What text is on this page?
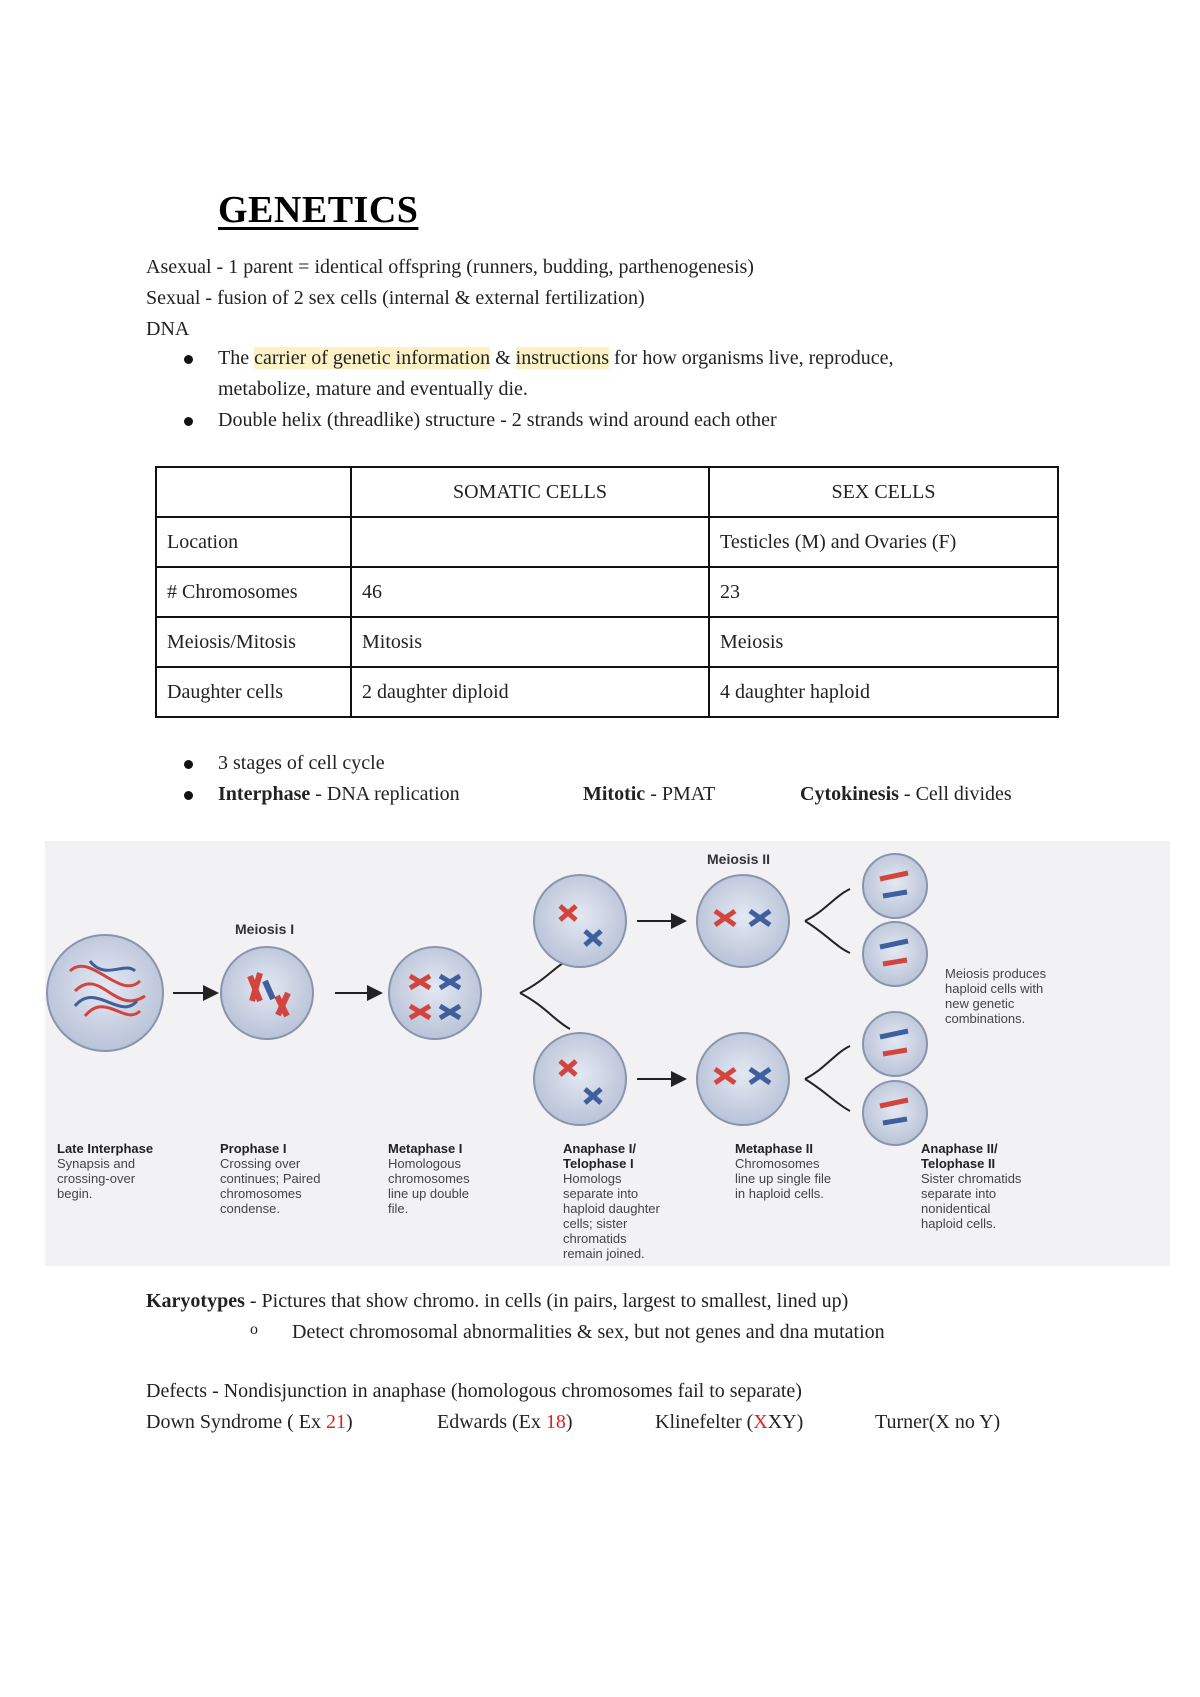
GENETICS
Asexual - 1 parent = identical offspring (runners, budding, parthenogenesis)
Sexual - fusion of 2 sex cells (internal & external fertilization)
DNA
The carrier of genetic information & instructions for how organisms live, reproduce,
metabolize, mature and eventually die.
Double helix (threadlike) structure - 2 strands wind around each other
	SOMATIC CELLS	SEX CELLS
Location		Testicles (M) and Ovaries (F)
# Chromosomes	46	23
Meiosis/Mitosis	Mitosis	Meiosis
Daughter cells	2 daughter diploid	4 daughter haploid
3 stages of cell cycle
Interphase - DNA replication	Mitotic - PMAT	Cytokinesis - Cell divides
Meiosis I
Meiosis II
Meiosis produces
haploid cells with
new genetic
combinations.
Late Interphase
Synapsis and
crossing-over
begin.
Prophase I
Crossing over
continues; Paired
chromosomes
condense.
Metaphase I
Homologous
chromosomes
line up double
file.
Anaphase I/
Telophase I
Homologs
separate into
haploid daughter
cells; sister
chromatids
remain joined.
Metaphase II
Chromosomes
line up single file
in haploid cells.
Anaphase II/
Telophase II
Sister chromatids
separate into
nonidentical
haploid cells.
Karyotypes - Pictures that show chromo. in cells (in pairs, largest to smallest, lined up)
o Detect chromosomal abnormalities & sex, but not genes and dna mutation
Defects - Nondisjunction in anaphase (homologous chromosomes fail to separate)
Down Syndrome ( Ex 21)	Edwards (Ex 18)	Klinefelter (XXY)	Turner(X no Y)
